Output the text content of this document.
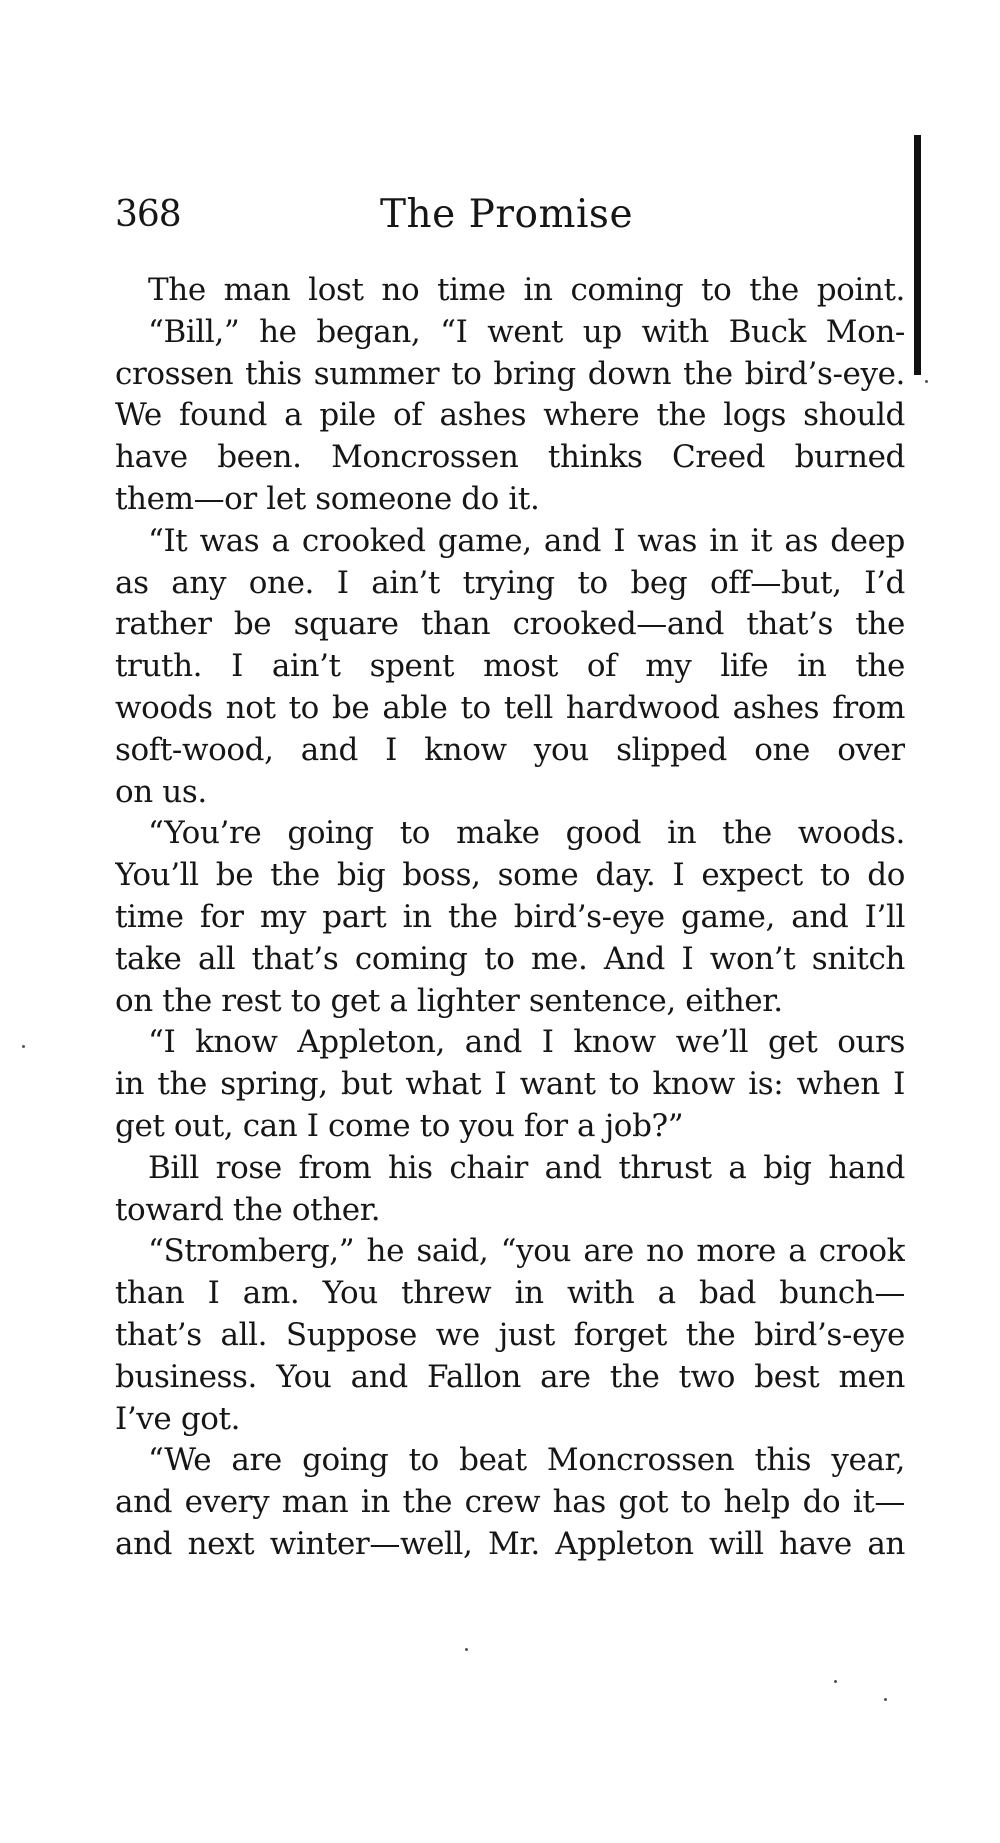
368	The Promise
The man lost no time in coming to the point.
“Bill,” he began, “I went up with Buck Mon-
crossen this summer to bring down the bird’s-eye.
We found a pile of ashes where the logs should
have been. Moncrossen thinks Creed burned
them—or let someone do it.
“It was a crooked game, and I was in it as deep
as any one. I ain’t trying to beg off—but, I’d
rather be square than crooked—and that’s the
truth. I ain’t spent most of my life in the
woods not to be able to tell hardwood ashes from
soft-wood, and I know you slipped one over
on us.
“You’re going to make good in the woods.
You’ll be the big boss, some day. I expect to do
time for my part in the bird’s-eye game, and I’ll
take all that’s coming to me. And I won’t snitch
on the rest to get a lighter sentence, either.
“I know Appleton, and I know we’ll get ours
in the spring, but what I want to know is: when I
get out, can I come to you for a job?”
Bill rose from his chair and thrust a big hand
toward the other.
“Stromberg,” he said, “you are no more a crook
than I am. You threw in with a bad bunch—
that’s all. Suppose we just forget the bird’s-eye
business. You and Fallon are the two best men
I’ve got.
“We are going to beat Moncrossen this year,
and every man in the crew has got to help do it—
and next winter—well, Mr. Appleton will have an
